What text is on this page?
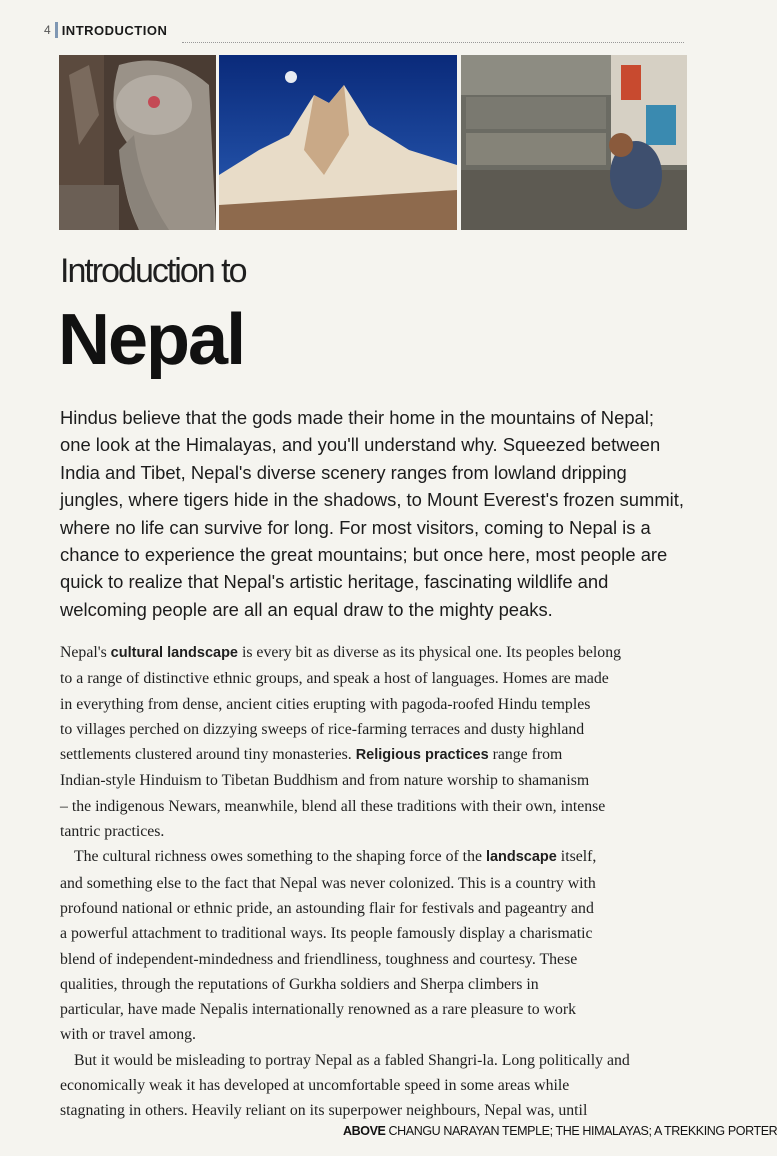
4 INTRODUCTION
Introduction to
Nepal
Hindus believe that the gods made their home in the mountains of Nepal;
one look at the Himalayas, and you'll understand why. Squeezed between
India and Tibet, Nepal's diverse scenery ranges from lowland dripping
jungles, where tigers hide in the shadows, to Mount Everest's frozen summit,
where no life can survive for long. For most visitors, coming to Nepal is a
chance to experience the great mountains; but once here, most people are
quick to realize that Nepal's artistic heritage, fascinating wildlife and
welcoming people are all an equal draw to the mighty peaks.
Nepal's cultural landscape is every bit as diverse as its physical one. Its peoples belong
to a range of distinctive ethnic groups, and speak a host of languages. Homes are made
in everything from dense, ancient cities erupting with pagoda-roofed Hindu temples
to villages perched on dizzying sweeps of rice-farming terraces and dusty highland
settlements clustered around tiny monasteries. Religious practices range from
Indian-style Hinduism to Tibetan Buddhism and from nature worship to shamanism
– the indigenous Newars, meanwhile, blend all these traditions with their own, intense
tantric practices.
The cultural richness owes something to the shaping force of the landscape itself,
and something else to the fact that Nepal was never colonized. This is a country with
profound national or ethnic pride, an astounding flair for festivals and pageantry and
a powerful attachment to traditional ways. Its people famously display a charismatic
blend of independent-mindedness and friendliness, toughness and courtesy. These
qualities, through the reputations of Gurkha soldiers and Sherpa climbers in
particular, have made Nepalis internationally renowned as a rare pleasure to work
with or travel among.
But it would be misleading to portray Nepal as a fabled Shangri-la. Long politically and
economically weak it has developed at uncomfortable speed in some areas while
stagnating in others. Heavily reliant on its superpower neighbours, Nepal was, until
ABOVE CHANGU NARAYAN TEMPLE; THE HIMALAYAS; A TREKKING PORTER
